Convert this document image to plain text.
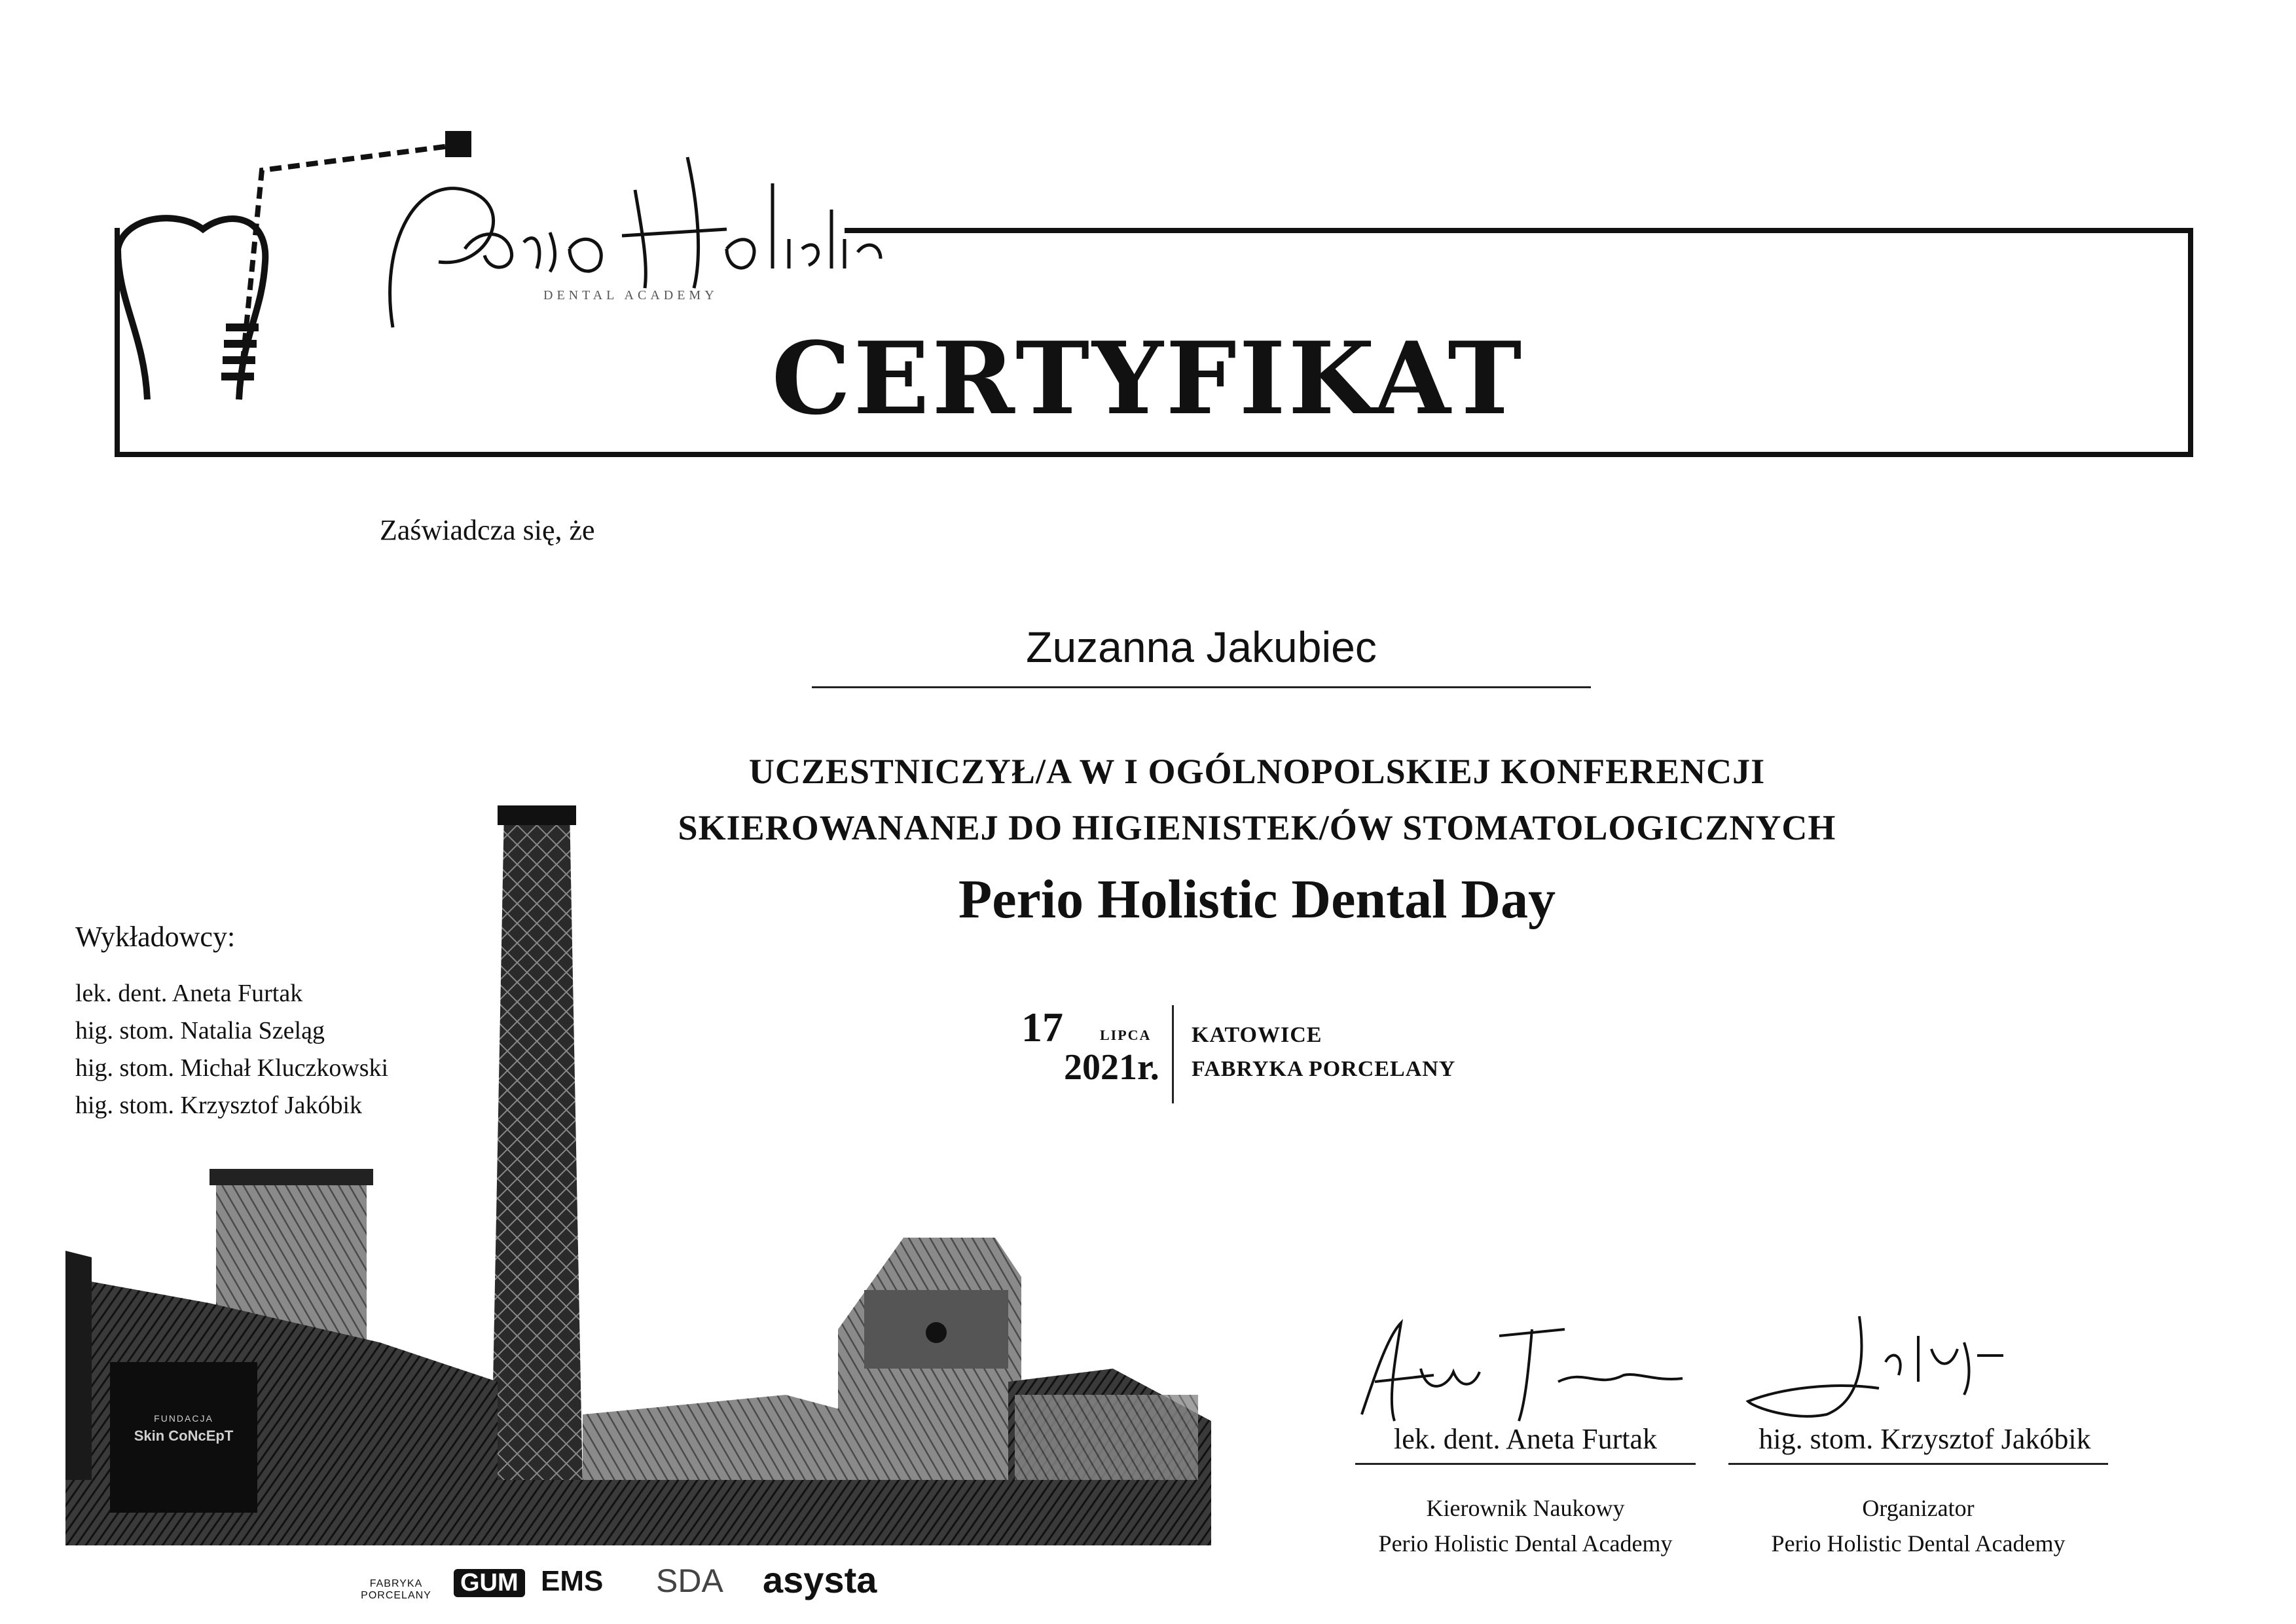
DENTAL ACADEMY
CERTYFIKAT
Zaświadcza się, że
Zuzanna Jakubiec
UCZESTNICZYŁ/A W I OGÓLNOPOLSKIEJ KONFERENCJI
SKIEROWANANEJ DO HIGIENISTEK/ÓW STOMATOLOGICZNYCH
Perio Holistic Dental Day
17	LIPCA
2021r.
KATOWICE
FABRYKA PORCELANY
FUNDACJA
Skin CoNcEpT
Wykładowcy:
lek. dent. Aneta Furtak
hig. stom. Natalia Szeląg
hig. stom. Michał Kluczkowski
hig. stom. Krzysztof Jakóbik
FABRYKA
PORCELANY GUM EMS SDA asysta
lek. dent. Aneta Furtak
Kierownik Naukowy
Perio Holistic Dental Academy
hig. stom. Krzysztof Jakóbik
Organizator
Perio Holistic Dental Academy
